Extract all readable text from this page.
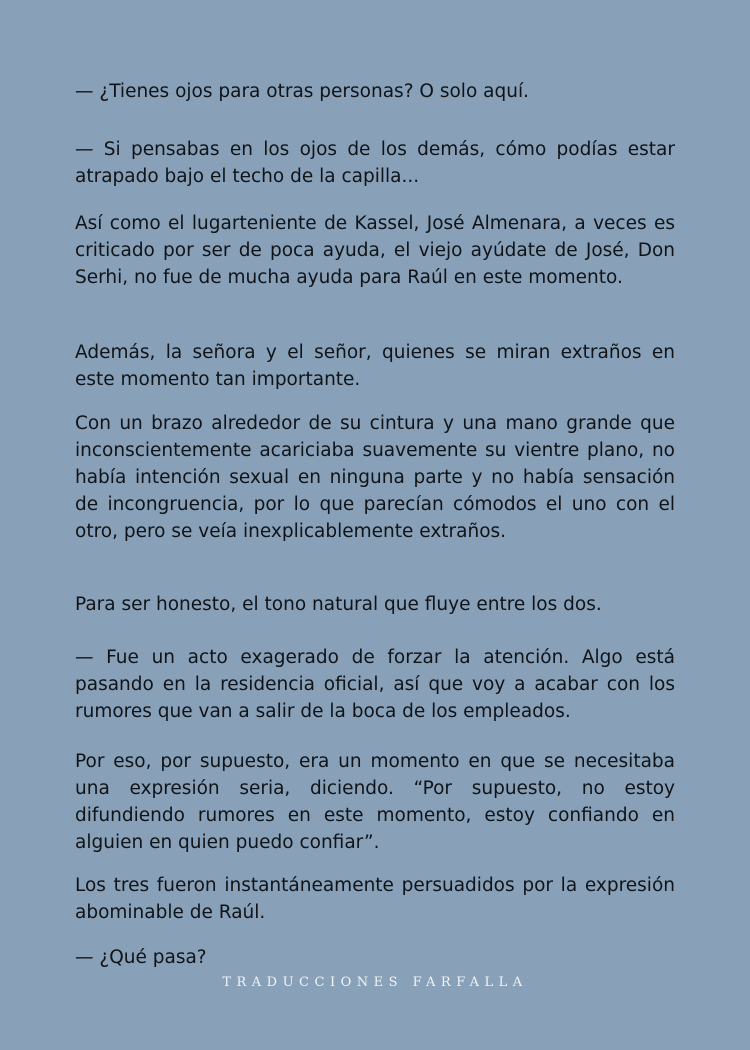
— ¿Tienes ojos para otras personas? O solo aquí.

— Si pensabas en los ojos de los demás, cómo podías estar atrapado bajo el techo de la capilla...

Así como el lugarteniente de Kassel, José Almenara, a veces es criticado por ser de poca ayuda, el viejo ayúdate de José, Don Serhi, no fue de mucha ayuda para Raúl en este momento.

Además, la señora y el señor, quienes se miran extraños en este momento tan importante.

Con un brazo alrededor de su cintura y una mano grande que inconscientemente acariciaba suavemente su vientre plano, no había intención sexual en ninguna parte y no había sensación de incongruencia, por lo que parecían cómodos el uno con el otro, pero se veía inexplicablemente extraños.

Para ser honesto, el tono natural que fluye entre los dos.

— Fue un acto exagerado de forzar la atención. Algo está pasando en la residencia oficial, así que voy a acabar con los rumores que van a salir de la boca de los empleados.

Por eso, por supuesto, era un momento en que se necesitaba una expresión seria, diciendo. “Por supuesto, no estoy difundiendo rumores en este momento, estoy confiando en alguien en quien puedo confiar”.

Los tres fueron instantáneamente persuadidos por la expresión abominable de Raúl.

— ¿Qué pasa?

TRADUCCIONES FARFALLA
